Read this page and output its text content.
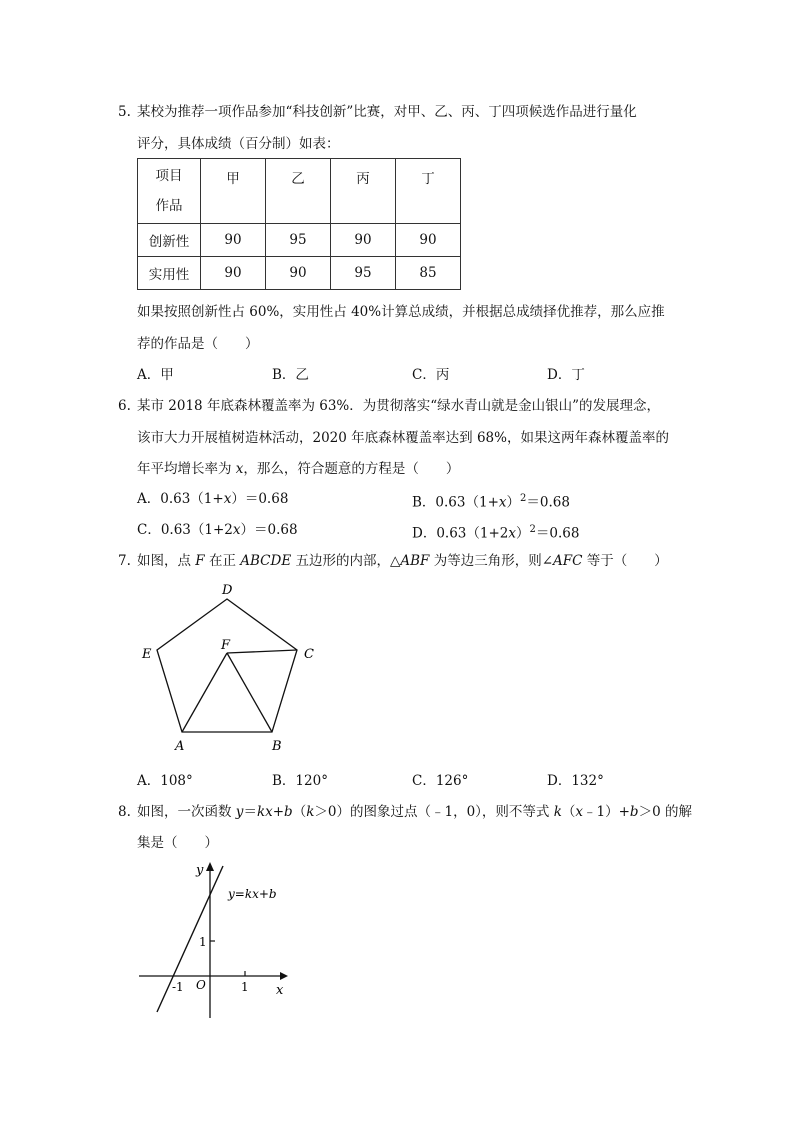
5. 某校为推荐一项作品参加“科技创新”比赛，对甲、乙、丙、丁四项候选作品进行量化
评分，具体成绩（百分制）如表：
项目
作品	甲	乙	丙	丁
创新性	90	95	90	90
实用性	90	90	95	85
如果按照创新性占 60%，实用性占 40%计算总成绩，并根据总成绩择优推荐，那么应推
荐的作品是（　　）
A．甲	B．乙	C．丙	D．丁
6. 某市 2018 年底森林覆盖率为 63%．为贯彻落实“绿水青山就是金山银山”的发展理念，
该市大力开展植树造林活动，2020 年底森林覆盖率达到 68%，如果这两年森林覆盖率的
年平均增长率为 x，那么，符合题意的方程是（　　）
A．0.63（1+x）＝0.68	B．$0.63(1+x)^2=0.68$
C．0.63（1+2x）＝0.68	D．$0.63(1+2x)^2=0.68$
7. 如图，点 F 在正 ABCDE 五边形的内部，△ABF 为等边三角形，则∠AFC 等于（　　）
D
E
F
C
A	B
A．108°	B．120°	C．126°	D．132°
8. 如图，一次函数 y＝kx+b（k＞0）的图象过点（﹣1，0），则不等式 k（x﹣1）+b＞0 的解
集是（　　）
y
x
O
-1	1
1
y=kx+b
